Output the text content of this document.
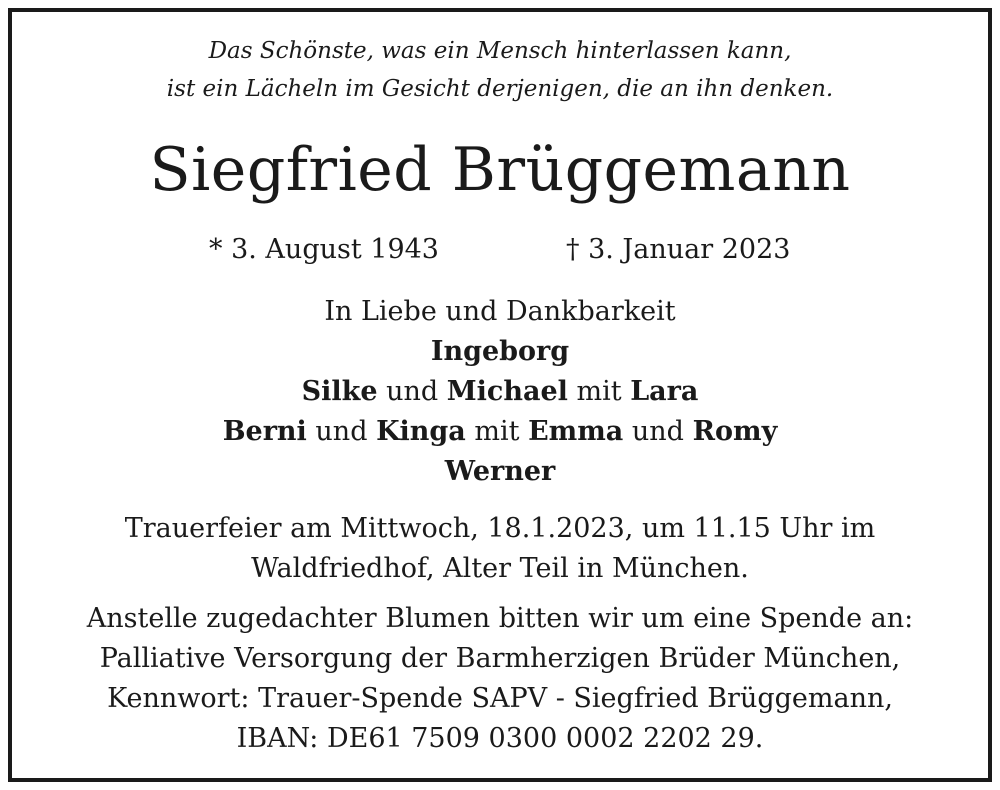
Das Schönste, was ein Mensch hinterlassen kann,
ist ein Lächeln im Gesicht derjenigen, die an ihn denken.
Siegfried Brüggemann
* 3. August 1943	† 3. Januar 2023
In Liebe und Dankbarkeit
Ingeborg
Silke und Michael mit Lara
Berni und Kinga mit Emma und Romy
Werner
Trauerfeier am Mittwoch, 18.1.2023, um 11.15 Uhr im
Waldfriedhof, Alter Teil in München.
Anstelle zugedachter Blumen bitten wir um eine Spende an:
Palliative Versorgung der Barmherzigen Brüder München,
Kennwort: Trauer-Spende SAPV - Siegfried Brüggemann,
IBAN: DE61 7509 0300 0002 2202 29.
